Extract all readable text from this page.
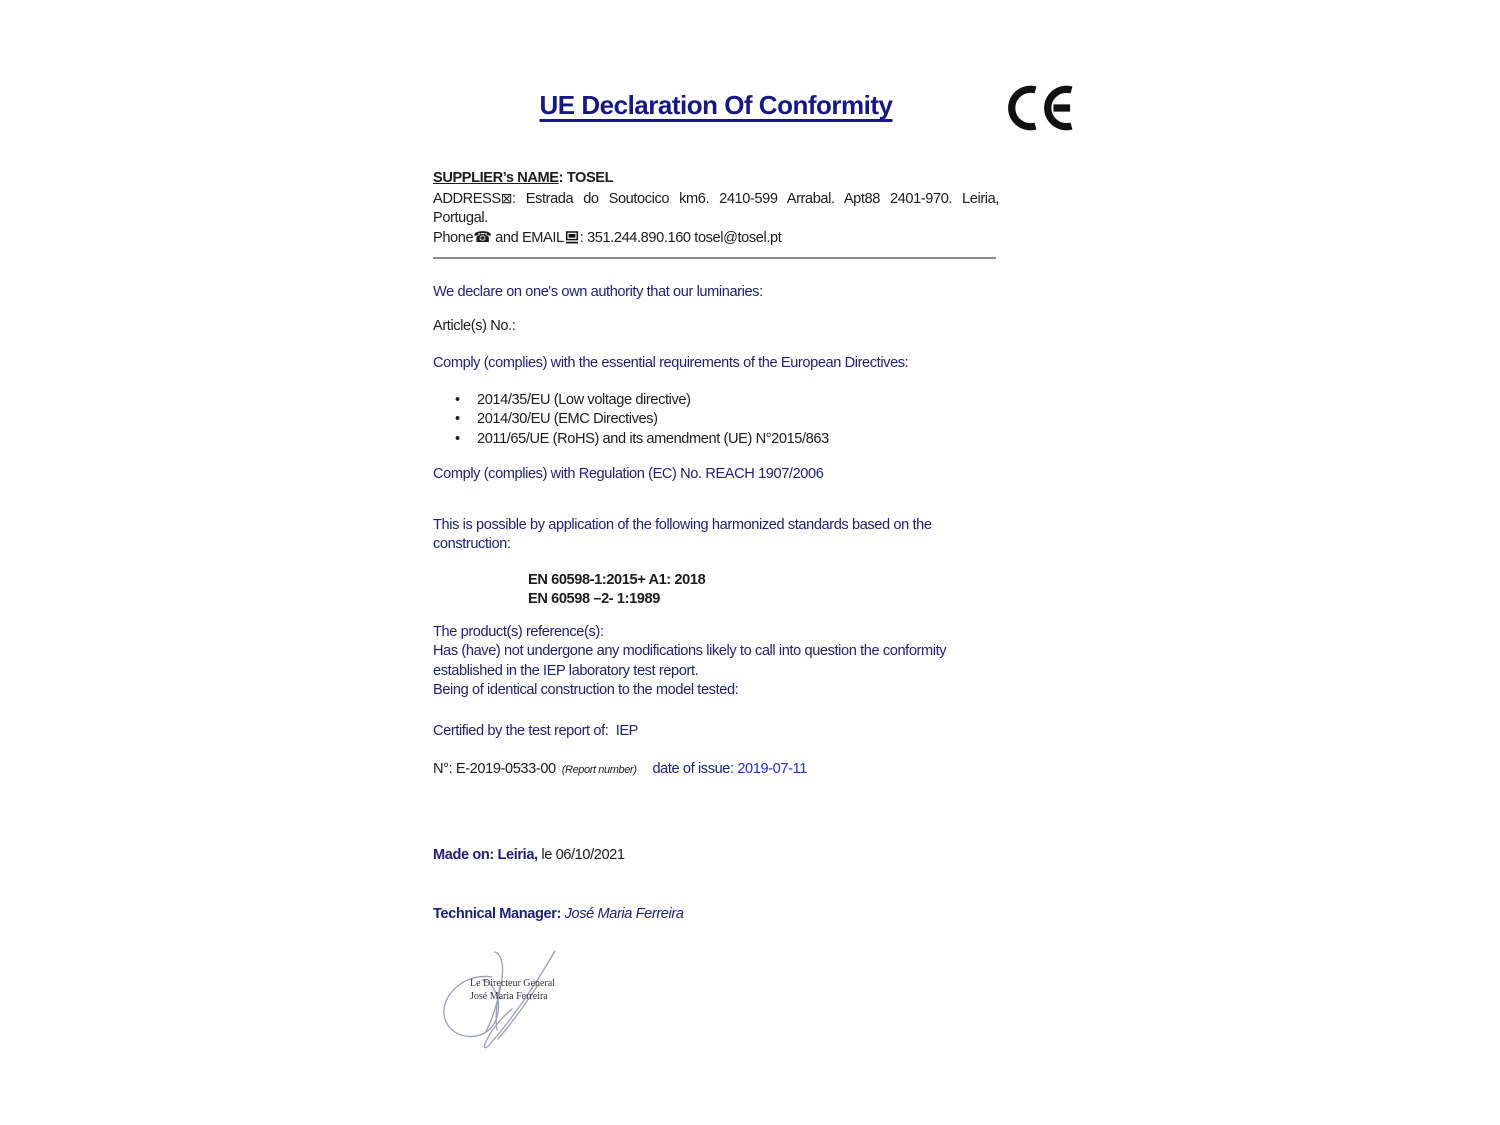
UE Declaration Of Conformity
SUPPLIER’s NAME: TOSEL
ADDRESS⊠: Estrada do Soutocico km6. 2410-599 Arrabal. Apt88 2401-970. Leiria, Portugal.
Phone☎ and EMAIL : 351.244.890.160 tosel@tosel.pt
We declare on one's own authority that our luminaries:
Article(s) No.:
Comply (complies) with the essential requirements of the European Directives:
•	2014/35/EU (Low voltage directive)
•	2014/30/EU (EMC Directives)
•	2011/65/UE (RoHS) and its amendment (UE) N°2015/863
Comply (complies) with Regulation (EC) No. REACH 1907/2006
This is possible by application of the following harmonized standards based on the construction:
EN 60598-1:2015+ A1: 2018
EN 60598 –2- 1:1989
The product(s) reference(s):
Has (have) not undergone any modifications likely to call into question the conformity established in the IEP laboratory test report.
Being of identical construction to the model tested:
Certified by the test report of:  IEP
N°: E-2019-0533-00 (Report number) date of issue: 2019-07-11
Made on: Leiria, le 06/10/2021
Technical Manager: José Maria Ferreira
Le Directeur General
José Maria Ferreira
